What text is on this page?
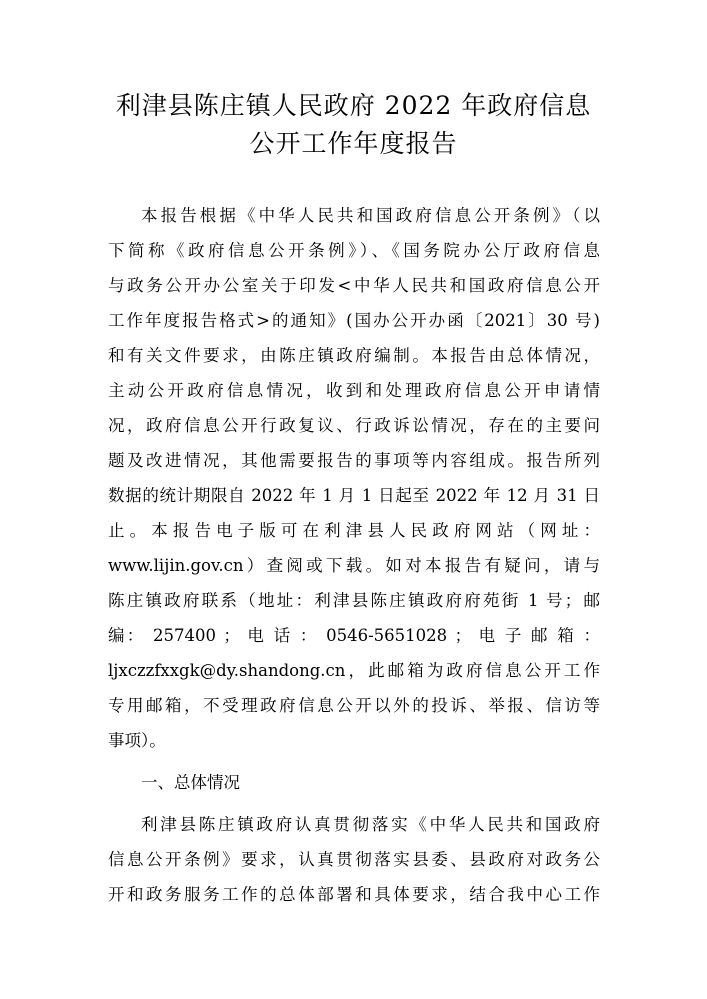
利津县陈庄镇人民政府 2022 年政府信息
公开工作年度报告
本报告根据《中华人民共和国政府信息公开条例》（以
下简称《政府信息公开条例》）、《国务院办公厅政府信息
与政务公开办公室关于印发<中华人民共和国政府信息公开
工作年度报告格式>的通知》(国办公开办函〔2021〕30 号)
和有关文件要求，由陈庄镇政府编制。本报告由总体情况，
主动公开政府信息情况，收到和处理政府信息公开申请情
况，政府信息公开行政复议、行政诉讼情况，存在的主要问
题及改进情况，其他需要报告的事项等内容组成。报告所列
数据的统计期限自 2022 年 1 月 1 日起至 2022 年 12 月 31 日
止。本报告电子版可在利津县人民政府网站（网址：
www.lijin.gov.cn）查阅或下载。如对本报告有疑问，请与
陈庄镇政府联系（地址：利津县陈庄镇政府府苑街 1 号；邮
编： 257400 ； 电 话 ： 0546-5651028 ； 电 子 邮 箱 ：
ljxczzfxxgk@dy.shandong.cn，此邮箱为政府信息公开工作
专用邮箱，不受理政府信息公开以外的投诉、举报、信访等
事项）。
一、总体情况
利津县陈庄镇政府认真贯彻落实《中华人民共和国政府
信息公开条例》要求，认真贯彻落实县委、县政府对政务公
开和政务服务工作的总体部署和具体要求，结合我中心工作
